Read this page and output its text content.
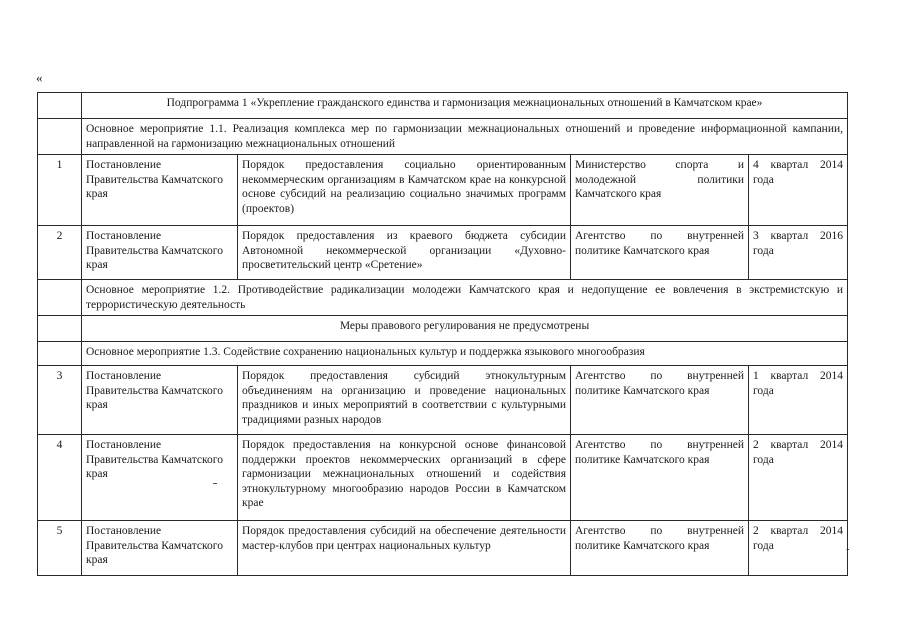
«
	Подпрограмма 1 «Укрепление гражданского единства и гармонизация межнациональных отношений в Камчатском крае»			
	Основное мероприятие 1.1. Реализация комплекса мер по гармонизации межнациональных отношений и проведение информационной кампании, направленной на гармонизацию межнациональных отношений			
1	Постановление Правительства Камчатского края	Порядок предоставления социально ориентированным некоммерческим организациям в Камчатском крае на конкурсной основе субсидий на реализацию социально значимых программ (проектов)	Министерство спорта и молодежной политики Камчатского края	4 квартал 2014 года
2	Постановление Правительства Камчатского края	Порядок предоставления из краевого бюджета субсидии Автономной некоммерческой организации «Духовно-просветительский центр «Сретение»	Агентство по внутренней политике Камчатского края	3 квартал 2016 года
	Основное мероприятие 1.2. Противодействие радикализации молодежи Камчатского края и недопущение ее вовлечения в экстремистскую и террористическую деятельность			
	Меры правового регулирования не предусмотрены			
	Основное мероприятие 1.3. Содействие сохранению национальных культур и поддержка языкового многообразия			
3	Постановление Правительства Камчатского края	Порядок предоставления субсидий этнокультурным объединениям на организацию и проведение национальных праздников и иных мероприятий в соответствии с культурными традициями разных народов	Агентство по внутренней политике Камчатского края	1 квартал 2014 года
4	Постановление Правительства Камчатского края	Порядок предоставления на конкурсной основе финансовой поддержки проектов некоммерческих организаций в сфере гармонизации межнациональных отношений и содействия этнокультурному многообразию народов России в Камчатском крае	Агентство по внутренней политике Камчатского края	2 квартал 2014 года
5	Постановление Правительства Камчатского края	Порядок предоставления субсидий на обеспечение деятельности мастер-клубов при центрах национальных культур	Агентство по внутренней политике Камчатского края	2 квартал 2014 года	-
